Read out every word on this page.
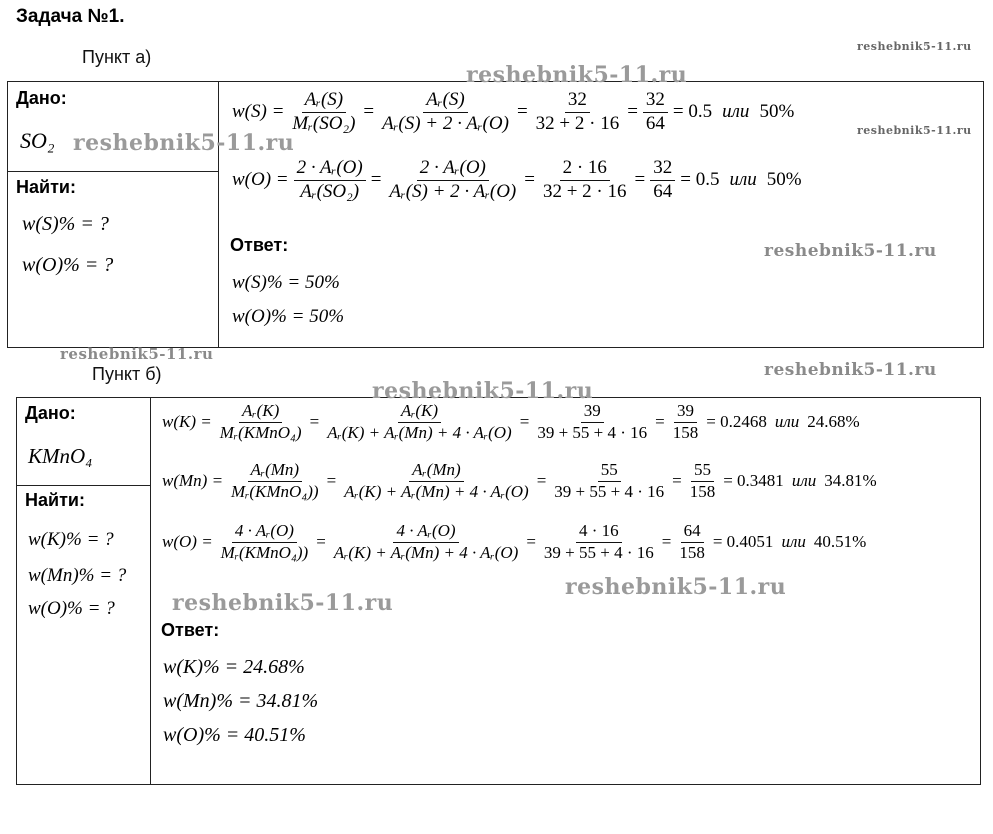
Задача №1.
Пункт а)
Дано:
SO₂
Найти:
w(S)% = ?
w(O)% = ?
$w(S) = \frac{\text{Aᵣ(S)}}{\text{Mᵣ(SO₂)}} = \frac{\text{Aᵣ(S)}}{\text{Aᵣ(S) + 2 · Aᵣ(O)}} = \frac{32}{32 + 2 \cdot 16} = \frac{32}{64} = 0.5$ или 50%
$w(O) = \frac{\text{2 · Aᵣ(O)}}{\text{Aᵣ(SO₂)}} = \frac{\text{2 · Aᵣ(O)}}{\text{Aᵣ(S) + 2 · Aᵣ(O)}} = \frac{2 \cdot 16}{32 + 2 \cdot 16} = \frac{32}{64} = 0.5$ или 50%
Ответ:
w(S)% = 50%
w(O)% = 50%
Пункт б)
Дано:
KMnO₄
Найти:
w(K)% = ?
w(Mn)% = ?
w(O)% = ?
$w(K) = \frac{\text{Aᵣ(K)}}{\text{Mᵣ(KMnO₄)}} = \frac{\text{Aᵣ(K)}}{\text{Aᵣ(K) + Aᵣ(Mn) + 4 · Aᵣ(O)}} = \frac{39}{39 + 55 + 4 \cdot 16} = \frac{39}{158} = 0.2468$ или 24.68%
$w(Mn) = \frac{\text{Aᵣ(Mn)}}{\text{Mᵣ(KMnO₄))}} = \frac{\text{Aᵣ(Mn)}}{\text{Aᵣ(K) + Aᵣ(Mn) + 4 · Aᵣ(O)}} = \frac{55}{39 + 55 + 4 \cdot 16} = \frac{55}{158} = 0.3481$ или 34.81%
$w(O) = \frac{\text{4 · Aᵣ(O)}}{\text{Mᵣ(KMnO₄))}} = \frac{\text{4 · Aᵣ(O)}}{\text{Aᵣ(K) + Aᵣ(Mn) + 4 · Aᵣ(O)}} = \frac{4 \cdot 16}{39 + 55 + 4 \cdot 16} = \frac{64}{158} = 0.4051$ или 40.51%
Ответ:
w(K)% = 24.68%
w(Mn)% = 34.81%
w(O)% = 40.51%
reshebnik5-11.ru
reshebnik5-11.ru
reshebnik5-11.ru
reshebnik5-11.ru
reshebnik5-11.ru
reshebnik5-11.ru
reshebnik5-11.ru
reshebnik5-11.ru
reshebnik5-11.ru
reshebnik5-11.ru
